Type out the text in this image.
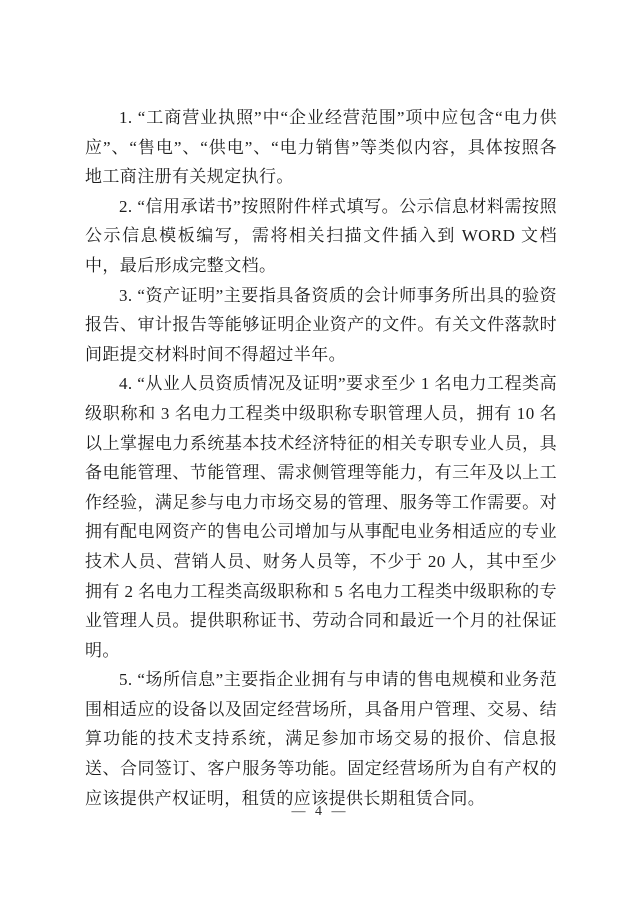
1. “工商营业执照”中“企业经营范围”项中应包含“电力供应”、“售电”、“供电”、“电力销售”等类似内容，具体按照各地工商注册有关规定执行。

2. “信用承诺书”按照附件样式填写。公示信息材料需按照公示信息模板编写，需将相关扫描文件插入到 WORD 文档中，最后形成完整文档。

3. “资产证明”主要指具备资质的会计师事务所出具的验资报告、审计报告等能够证明企业资产的文件。有关文件落款时间距提交材料时间不得超过半年。

4. “从业人员资质情况及证明”要求至少 1 名电力工程类高级职称和 3 名电力工程类中级职称专职管理人员，拥有 10 名以上掌握电力系统基本技术经济特征的相关专职专业人员，具备电能管理、节能管理、需求侧管理等能力，有三年及以上工作经验，满足参与电力市场交易的管理、服务等工作需要。对拥有配电网资产的售电公司增加与从事配电业务相适应的专业技术人员、营销人员、财务人员等，不少于 20 人，其中至少拥有 2 名电力工程类高级职称和 5 名电力工程类中级职称的专业管理人员。提供职称证书、劳动合同和最近一个月的社保证明。

5. “场所信息”主要指企业拥有与申请的售电规模和业务范围相适应的设备以及固定经营场所，具备用户管理、交易、结算功能的技术支持系统，满足参加市场交易的报价、信息报送、合同签订、客户服务等功能。固定经营场所为自有产权的应该提供产权证明，租赁的应该提供长期租赁合同。

— 4 —
